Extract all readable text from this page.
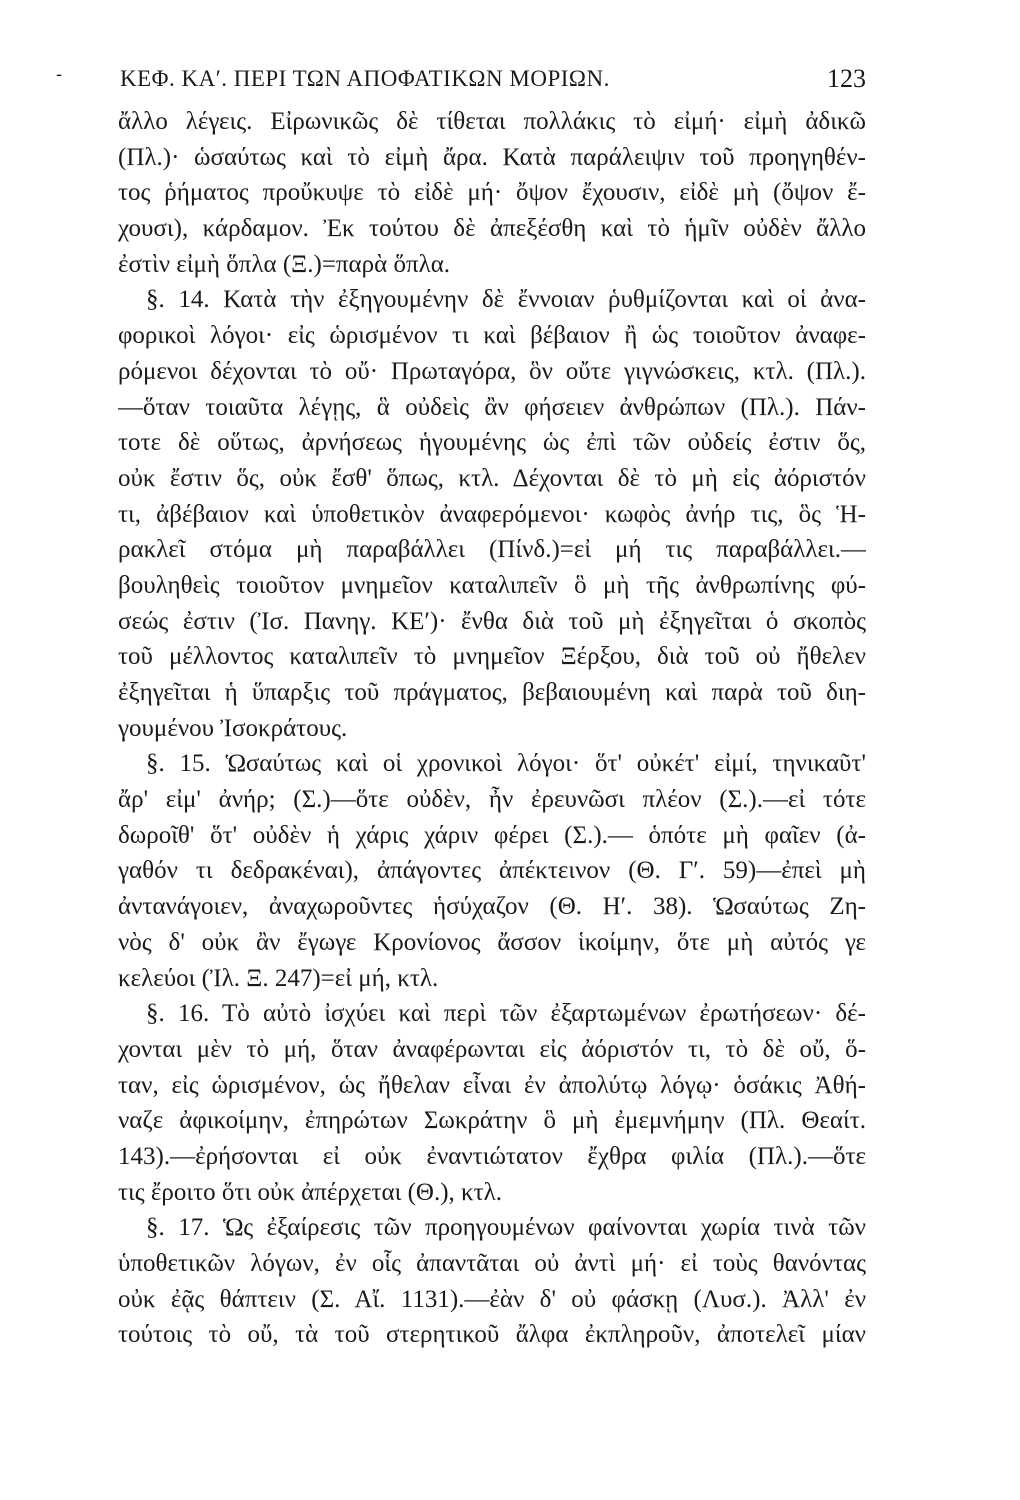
-	ΚΕΦ. ΚΑʹ. ΠΕΡΙ ΤΩΝ ΑΠΟΦΑΤΙΚΩΝ ΜΟΡΙΩΝ.	123
ἄλλο λέγεις. Εἰρωνικῶς δὲ τίθεται πολλάκις τὸ εἰμή· εἰμὴ ἀδικῶ
(Πλ.)· ὡσαύτως καὶ τὸ εἰμὴ ἄρα. Κατὰ παράλειψιν τοῦ προηγηθέν-
τος ῥήματος προὔκυψε τὸ εἰδὲ μή· ὄψον ἔχουσιν, εἰδὲ μὴ (ὄψον ἔ-
χουσι), κάρδαμον. Ἐκ τούτου δὲ ἀπεξέσθη καὶ τὸ ἡμῖν οὐδὲν ἄλλο
ἐστὶν εἰμὴ ὅπλα (Ξ.)=παρὰ ὅπλα.
§. 14. Κατὰ τὴν ἐξηγουμένην δὲ ἔννοιαν ῥυθμίζονται καὶ οἱ ἀνα-
φορικοὶ λόγοι· εἰς ὡρισμένον τι καὶ βέβαιον ἢ ὡς τοιοῦτον ἀναφε-
ρόμενοι δέχονται τὸ οὔ· Πρωταγόρα, ὃν οὔτε γιγνώσκεις, κτλ. (Πλ.).
—ὅταν τοιαῦτα λέγῃς, ἃ οὐδεὶς ἂν φήσειεν ἀνθρώπων (Πλ.). Πάν-
τοτε δὲ οὕτως, ἀρνήσεως ἡγουμένης ὡς ἐπὶ τῶν οὐδείς ἐστιν ὅς,
οὐκ ἔστιν ὅς, οὐκ ἔσθ' ὅπως, κτλ. Δέχονται δὲ τὸ μὴ εἰς ἀόριστόν
τι, ἀβέβαιον καὶ ὑποθετικὸν ἀναφερόμενοι· κωφὸς ἀνήρ τις, ὃς Ἡ-
ρακλεῖ στόμα μὴ παραβάλλει (Πίνδ.)=εἰ μή τις παραβάλλει.—
βουληθεὶς τοιοῦτον μνημεῖον καταλιπεῖν ὃ μὴ τῆς ἀνθρωπίνης φύ-
σεώς ἐστιν (Ἰσ. Πανηγ. ΚΕʹ)· ἔνθα διὰ τοῦ μὴ ἐξηγεῖται ὁ σκοπὸς
τοῦ μέλλοντος καταλιπεῖν τὸ μνημεῖον Ξέρξου, διὰ τοῦ οὐ ἤθελεν
ἐξηγεῖται ἡ ὕπαρξις τοῦ πράγματος, βεβαιουμένη καὶ παρὰ τοῦ διη-
γουμένου Ἰσοκράτους.
§. 15. Ὡσαύτως καὶ οἱ χρονικοὶ λόγοι· ὅτ' οὐκέτ' εἰμί, τηνικαῦτ'
ἄρ' εἰμ' ἀνήρ; (Σ.)—ὅτε οὐδὲν, ἦν ἐρευνῶσι πλέον (Σ.).—εἰ τότε
δωροῖθ' ὅτ' οὐδὲν ἡ χάρις χάριν φέρει (Σ.).— ὁπότε μὴ φαῖεν (ἀ-
γαθόν τι δεδρακέναι), ἀπάγοντες ἀπέκτεινον (Θ. Γʹ. 59)—ἐπεὶ μὴ
ἀντανάγοιεν, ἀναχωροῦντες ἡσύχαζον (Θ. Ηʹ. 38). Ὡσαύτως Ζη-
νὸς δ' οὐκ ἂν ἔγωγε Κρονίονος ἄσσον ἱκοίμην, ὅτε μὴ αὐτός γε
κελεύοι (Ἰλ. Ξ. 247)=εἰ μή, κτλ.
§. 16. Τὸ αὐτὸ ἰσχύει καὶ περὶ τῶν ἐξαρτωμένων ἐρωτήσεων· δέ-
χονται μὲν τὸ μή, ὅταν ἀναφέρωνται εἰς ἀόριστόν τι, τὸ δὲ οὔ, ὅ-
ταν, εἰς ὡρισμένον, ὡς ἤθελαν εἶναι ἐν ἀπολύτῳ λόγῳ· ὁσάκις Ἀθή-
ναζε ἀφικοίμην, ἐπηρώτων Σωκράτην ὃ μὴ ἐμεμνήμην (Πλ. Θεαίτ.
143).—ἐρήσονται εἰ οὐκ ἐναντιώτατον ἔχθρα φιλία (Πλ.).—ὅτε
τις ἔροιτο ὅτι οὐκ ἀπέρχεται (Θ.), κτλ.
§. 17. Ὡς ἐξαίρεσις τῶν προηγουμένων φαίνονται χωρία τινὰ τῶν
ὑποθετικῶν λόγων, ἐν οἷς ἀπαντᾶται οὐ ἀντὶ μή· εἰ τοὺς θανόντας
οὐκ ἐᾷς θάπτειν (Σ. Αἴ. 1131).—ἐὰν δ' οὐ φάσκῃ (Λυσ.). Ἀλλ' ἐν
τούτοις τὸ οὔ, τὰ τοῦ στερητικοῦ ἄλφα ἐκπληροῦν, ἀποτελεῖ μίαν
